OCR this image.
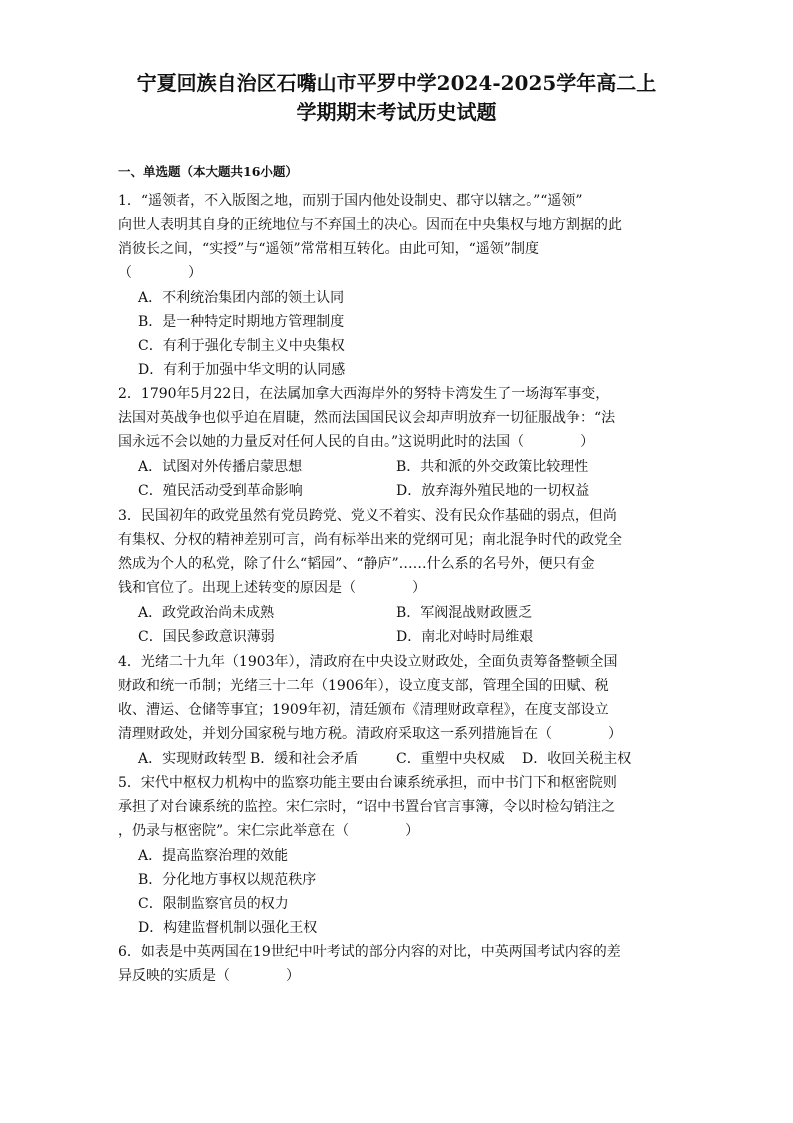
宁夏回族自治区石嘴山市平罗中学2024-2025学年高二上
学期期末考试历史试题
一、单选题（本大题共16小题）
1．“遥领者，不入版图之地，而别于国内他处设制史、郡守以辖之。”“遥领”
向世人表明其自身的正统地位与不弃国土的决心。因而在中央集权与地方割据的此
消彼长之间，“实授”与“遥领”常常相互转化。由此可知，“遥领”制度
（　　　　）
A．不利统治集团内部的领土认同
B．是一种特定时期地方管理制度
C．有利于强化专制主义中央集权
D．有利于加强中华文明的认同感
2．1790年5月22日，在法属加拿大西海岸外的努特卡湾发生了一场海军事变，
法国对英战争也似乎迫在眉睫，然而法国国民议会却声明放弃一切征服战争：“法
国永远不会以她的力量反对任何人民的自由。”这说明此时的法国（　　　　）
A．试图对外传播启蒙思想	B．共和派的外交政策比较理性
C．殖民活动受到革命影响	D．放弃海外殖民地的一切权益
3．民国初年的政党虽然有党员跨党、党义不着实、没有民众作基础的弱点，但尚
有集权、分权的精神差别可言，尚有标举出来的党纲可见；南北混争时代的政党全
然成为个人的私党，除了什么“韬园”、“静庐”……什么系的名号外，便只有金
钱和官位了。出现上述转变的原因是（　　　　）
A．政党政治尚未成熟	B．军阀混战财政匮乏
C．国民参政意识薄弱	D．南北对峙时局维艰
4．光绪二十九年（1903年），清政府在中央设立财政处，全面负责筹备整顿全国
财政和统一币制；光绪三十二年（1906年），设立度支部，管理全国的田赋、税
收、漕运、仓储等事宜；1909年初，清廷颁布《清理财政章程》，在度支部设立
清理财政处，并划分国家税与地方税。清政府采取这一系列措施旨在（　　　　）
A．实现财政转型 B．缓和社会矛盾	C．重塑中央权威 D．收回关税主权
5．宋代中枢权力机构中的监察功能主要由台谏系统承担，而中书门下和枢密院则
承担了对台谏系统的监控。宋仁宗时，“诏中书置台官言事簿，令以时检勾销注之
，仍录与枢密院”。宋仁宗此举意在（　　　　）
A．提高监察治理的效能
B．分化地方事权以规范秩序
C．限制监察官员的权力
D．构建监督机制以强化王权
6．如表是中英两国在19世纪中叶考试的部分内容的对比，中英两国考试内容的差
异反映的实质是（　　　　）
